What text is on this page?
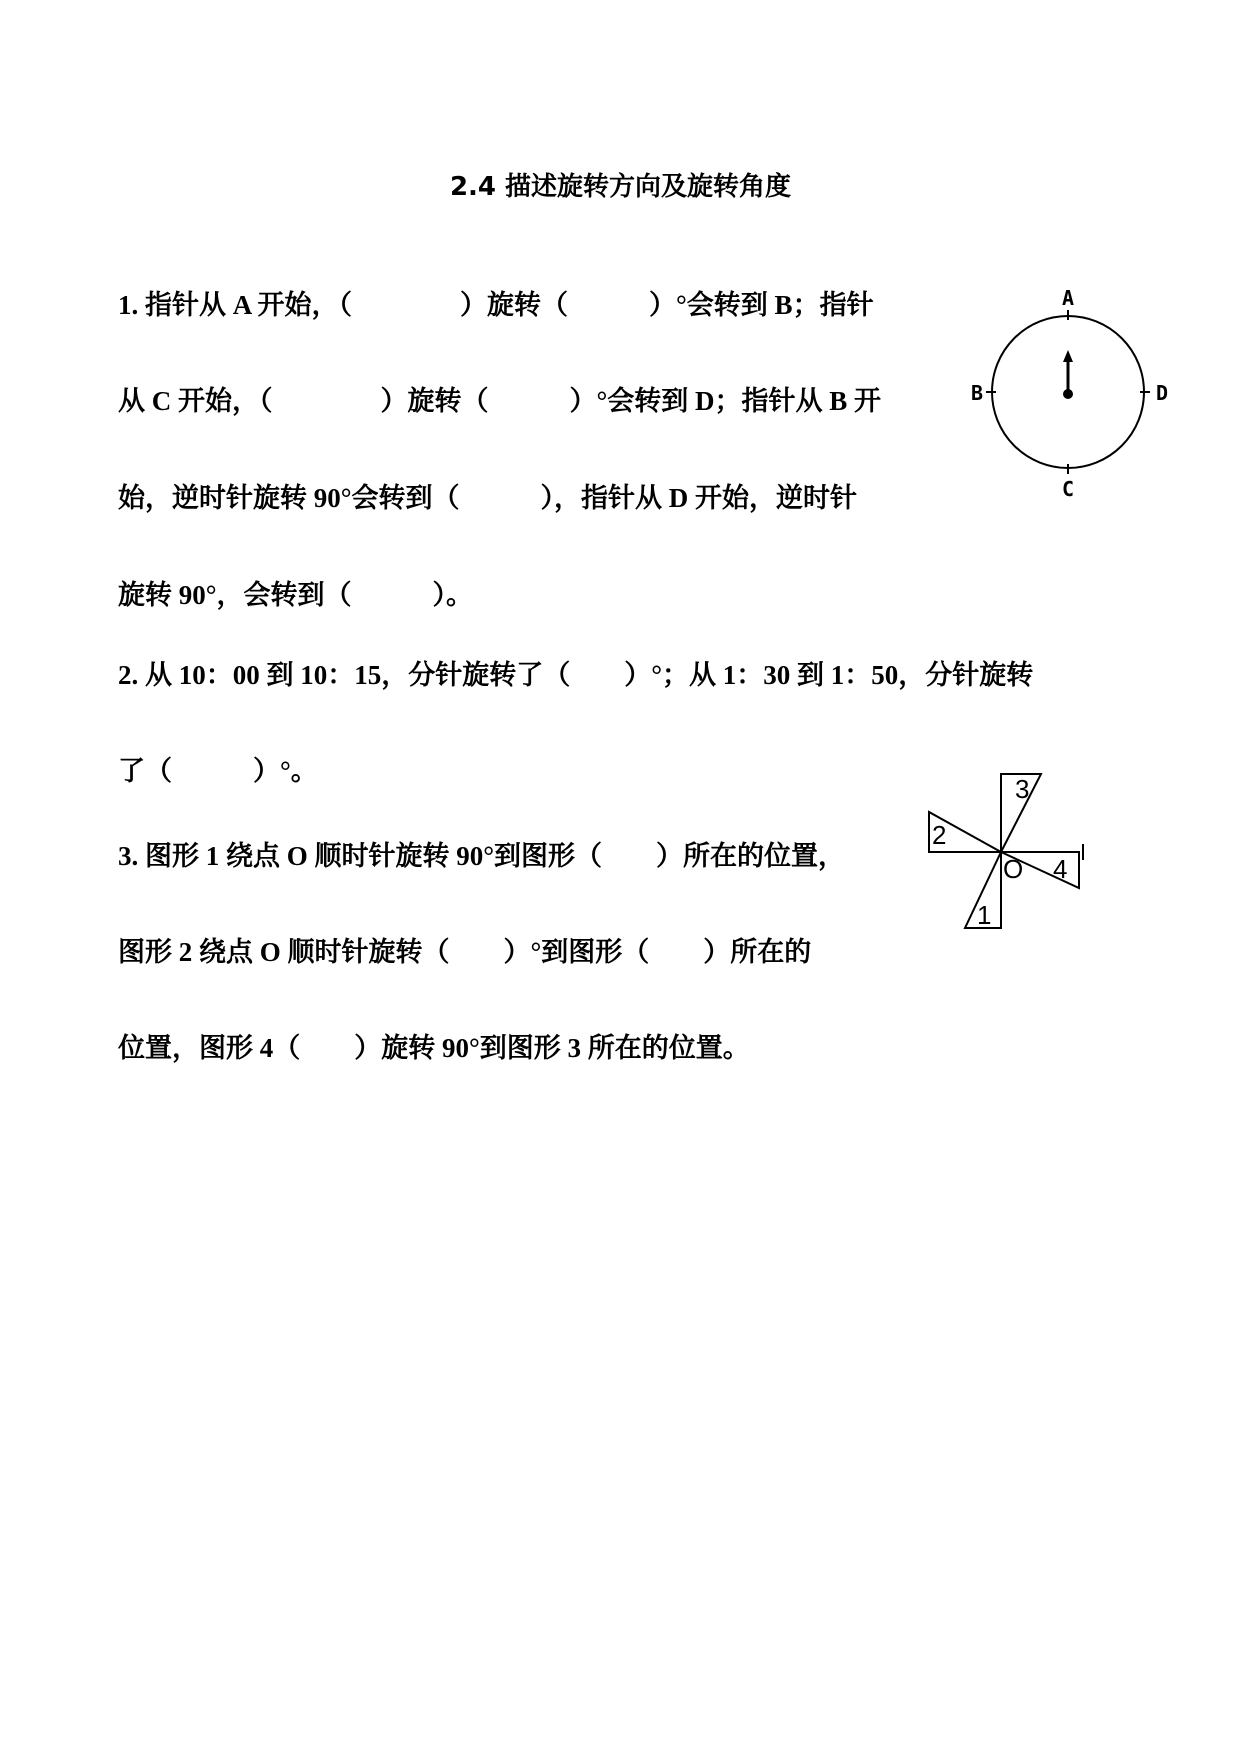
2.4 描述旋转方向及旋转角度
1. 指针从 A 开始，（　　　　）旋转（　　　）°会转到 B；指针
从 C 开始，（　　　　）旋转（　　　）°会转到 D；指针从 B 开
始，逆时针旋转 90°会转到（　　　），指针从 D 开始，逆时针
旋转 90°，会转到（　　　）。
2. 从 10：00 到 10：15，分针旋转了（　　）°；从 1：30 到 1：50，分针旋转
了（　　　）°。
3. 图形 1 绕点 O 顺时针旋转 90°到图形（　　）所在的位置，
图形 2 绕点 O 顺时针旋转（　　）°到图形（　　）所在的
位置，图形 4（　　）旋转 90°到图形 3 所在的位置。
A
B	D
C
3
2
4
1
O
